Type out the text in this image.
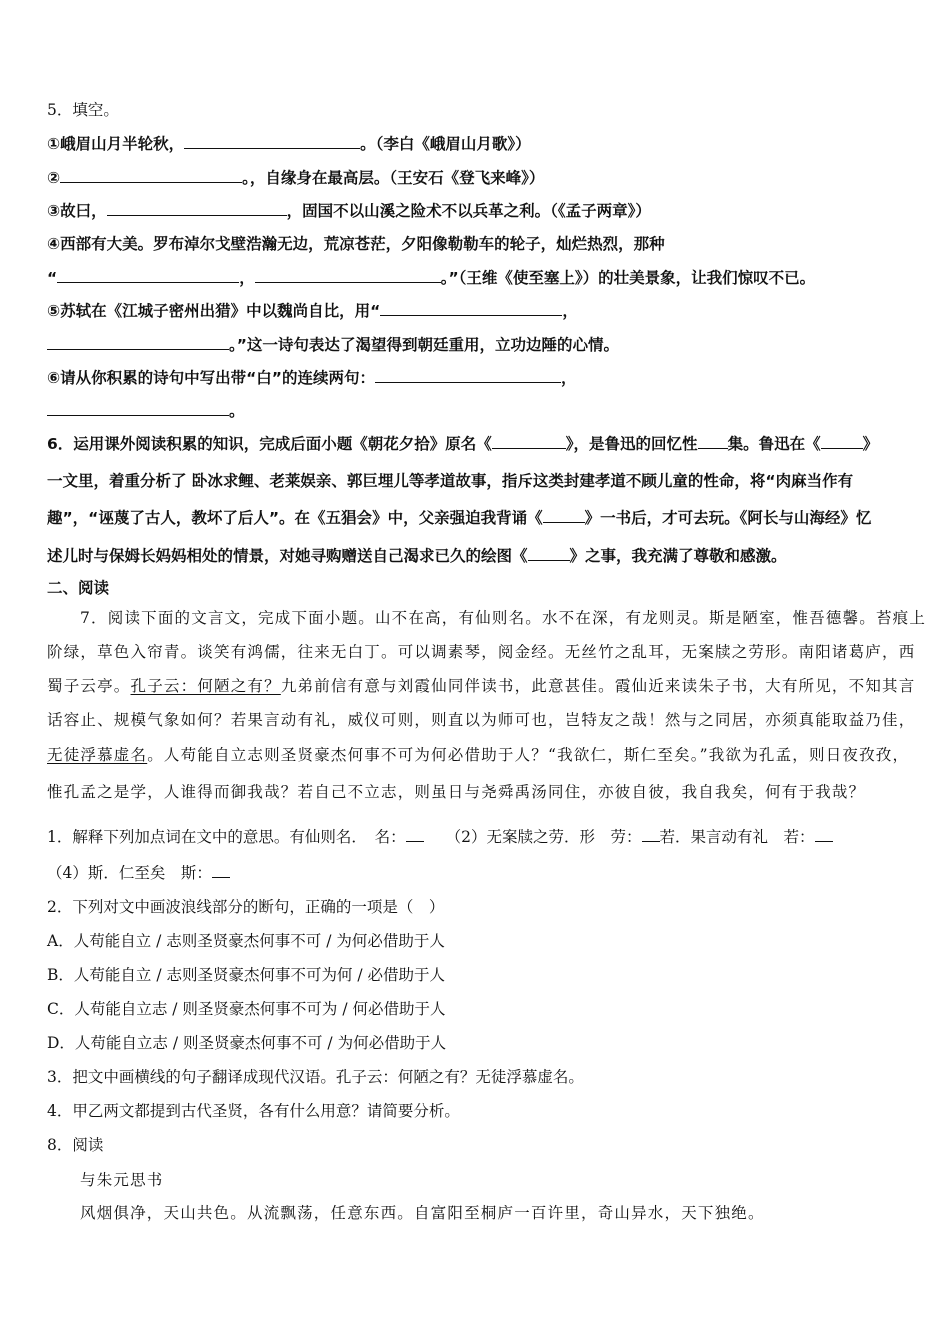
5．填空。
①峨眉山月半轮秋，	。（李白《峨眉山月歌》）
②	。，自缘身在最高层。（王安石《登飞来峰》）
③故曰，	，固国不以山溪之险术不以兵革之利。（《孟子两章》）
④西部有大美。罗布淖尔戈壁浩瀚无边，荒凉苍茫，夕阳像勒勒车的轮子，灿烂热烈，那种
“	，	。”（王维《使至塞上》）的壮美景象，让我们惊叹不已。
⑤苏轼在《江城子密州出猎》中以魏尚自比，用“	，
。”这一诗句表达了渴望得到朝廷重用，立功边陲的心情。
⑥请从你积累的诗句中写出带“白”的连续两句：	，
。
6．运用课外阅读积累的知识，完成后面小题《朝花夕拾》原名《	》，是鲁迅的回忆性 集。鲁迅在《	》
一文里，着重分析了 卧冰求鲤、老莱娱亲、郭巨埋儿等孝道故事，指斥这类封建孝道不顾儿童的性命，将“肉麻当作有
趣”，“诬蔑了古人，教坏了后人”。在《五猖会》中，父亲强迫我背诵《	》一书后，才可去玩。《阿长与山海经》忆
述儿时与保姆长妈妈相处的情景，对她寻购赠送自己渴求已久的绘图《	》之事，我充满了尊敬和感激。
二、阅读
7．阅读下面的文言文，完成下面小题。山不在高，有仙则名。水不在深，有龙则灵。斯是陋室，惟吾德馨。苔痕上
阶绿，草色入帘青。谈笑有鸿儒，往来无白丁。可以调素琴，阅金经。无丝竹之乱耳，无案牍之劳形。南阳诸葛庐，西
蜀子云亭。孔子云：何陋之有？九弟前信有意与刘霞仙同伴读书，此意甚佳。霞仙近来读朱子书，大有所见，不知其言
话容止、规模气象如何？若果言动有礼，威仪可则，则直以为师可也，岂特友之哉！然与之同居，亦须真能取益乃佳，
无徒浮慕虚名。人苟能自立志则圣贤豪杰何事不可为何必借助于人？“我欲仁，斯仁至矣。”我欲为孔孟，则日夜孜孜，
惟孔孟之是学，人谁得而御我哉？若自己不立志，则虽日与尧舜禹汤同住，亦彼自彼，我自我矣，何有于我哉？
1．解释下列加点词在文中的意思。有仙则名．　名：	（2）无案牍之劳．形　劳： 若．果言动有礼　若：
（4）斯．仁至矣　斯：
2．下列对文中画波浪线部分的断句，正确的一项是（　）
A．人苟能自立 / 志则圣贤豪杰何事不可 / 为何必借助于人
B．人苟能自立 / 志则圣贤豪杰何事不可为何 / 必借助于人
C．人苟能自立志 / 则圣贤豪杰何事不可为 / 何必借助于人
D．人苟能自立志 / 则圣贤豪杰何事不可 / 为何必借助于人
3．把文中画横线的句子翻译成现代汉语。孔子云：何陋之有？无徒浮慕虚名。
4．甲乙两文都提到古代圣贤，各有什么用意？请简要分析。
8．阅读
与朱元思书
风烟俱净，天山共色。从流飘荡，任意东西。自富阳至桐庐一百许里，奇山异水，天下独绝。
